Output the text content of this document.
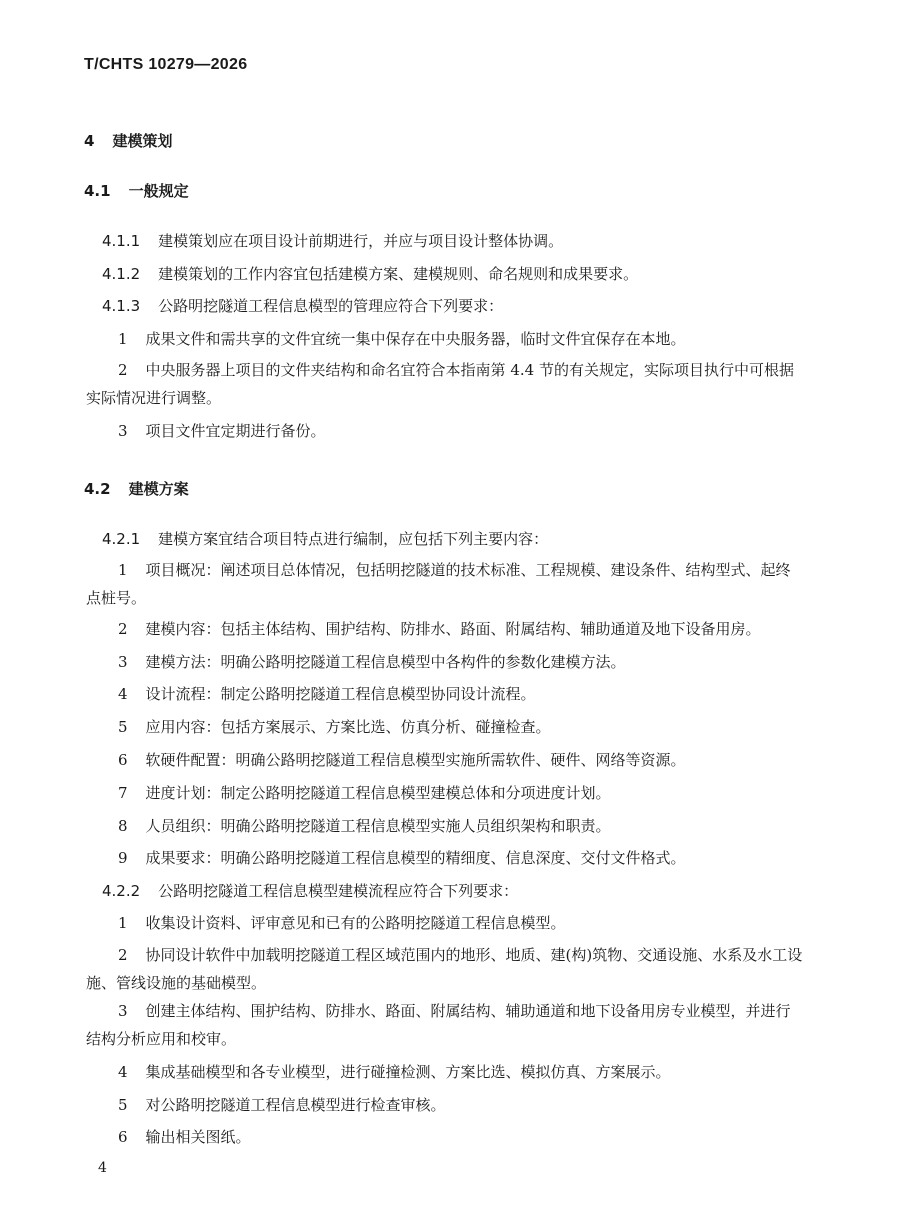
T/CHTS 10279—2026
4 建模策划
4.1 一般规定
4.1.1 建模策划应在项目设计前期进行，并应与项目设计整体协调。
4.1.2 建模策划的工作内容宜包括建模方案、建模规则、命名规则和成果要求。
4.1.3 公路明挖隧道工程信息模型的管理应符合下列要求：
1 成果文件和需共享的文件宜统一集中保存在中央服务器，临时文件宜保存在本地。
2 中央服务器上项目的文件夹结构和命名宜符合本指南第 4.4 节的有关规定，实际项目执行中可根据实际情况进行调整。
3 项目文件宜定期进行备份。
4.2 建模方案
4.2.1 建模方案宜结合项目特点进行编制，应包括下列主要内容：
1 项目概况：阐述项目总体情况，包括明挖隧道的技术标准、工程规模、建设条件、结构型式、起终点桩号。
2 建模内容：包括主体结构、围护结构、防排水、路面、附属结构、辅助通道及地下设备用房。
3 建模方法：明确公路明挖隧道工程信息模型中各构件的参数化建模方法。
4 设计流程：制定公路明挖隧道工程信息模型协同设计流程。
5 应用内容：包括方案展示、方案比选、仿真分析、碰撞检查。
6 软硬件配置：明确公路明挖隧道工程信息模型实施所需软件、硬件、网络等资源。
7 进度计划：制定公路明挖隧道工程信息模型建模总体和分项进度计划。
8 人员组织：明确公路明挖隧道工程信息模型实施人员组织架构和职责。
9 成果要求：明确公路明挖隧道工程信息模型的精细度、信息深度、交付文件格式。
4.2.2 公路明挖隧道工程信息模型建模流程应符合下列要求：
1 收集设计资料、评审意见和已有的公路明挖隧道工程信息模型。
2 协同设计软件中加载明挖隧道工程区域范围内的地形、地质、建(构)筑物、交通设施、水系及水工设施、管线设施的基础模型。
3 创建主体结构、围护结构、防排水、路面、附属结构、辅助通道和地下设备用房专业模型，并进行结构分析应用和校审。
4 集成基础模型和各专业模型，进行碰撞检测、方案比选、模拟仿真、方案展示。
5 对公路明挖隧道工程信息模型进行检查审核。
6 输出相关图纸。
4
